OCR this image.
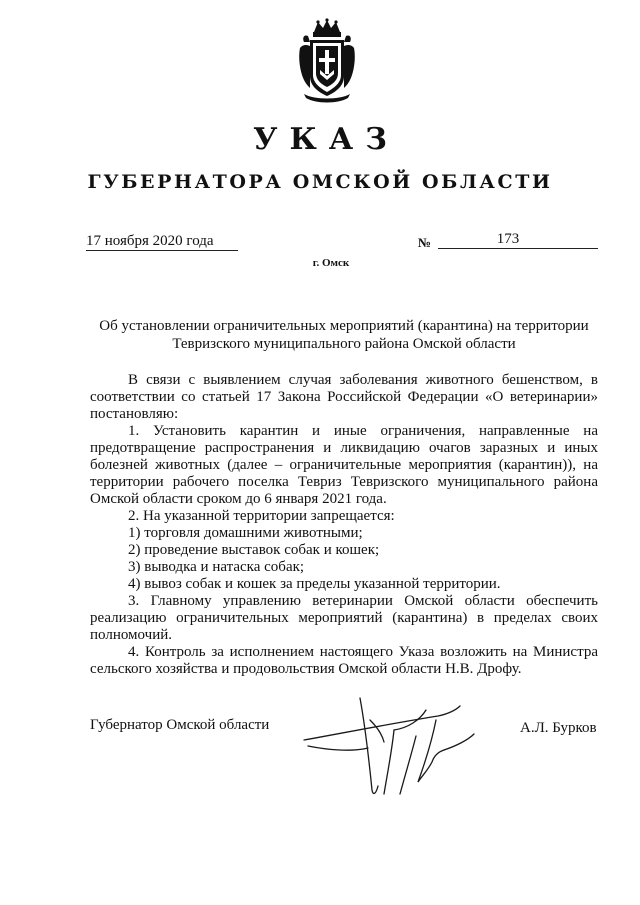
УКАЗ
ГУБЕРНАТОРА ОМСКОЙ ОБЛАСТИ
17 ноября 2020 года	№	173
г. Омск
Об установлении ограничительных мероприятий (карантина) на территории Тевризского муниципального района Омской области

В связи с выявлением случая заболевания животного бешенством, в соответствии со статьей 17 Закона Российской Федерации «О ветеринарии» постановляю:

1. Установить карантин и иные ограничения, направленные на предотвращение распространения и ликвидацию очагов заразных и иных болезней животных (далее – ограничительные мероприятия (карантин)), на территории рабочего поселка Тевриз Тевризского муниципального района Омской области сроком до 6 января 2021 года.

2. На указанной территории запрещается:

1) торговля домашними животными;

2) проведение выставок собак и кошек;

3) выводка и натаска собак;

4) вывоз собак и кошек за пределы указанной территории.

3. Главному управлению ветеринарии Омской области обеспечить реализацию ограничительных мероприятий (карантина) в пределах своих полномочий.

4. Контроль за исполнением настоящего Указа возложить на Министра сельского хозяйства и продовольствия Омской области Н.В. Дрофу.

Губернатор Омской области	А.Л. Бурков
